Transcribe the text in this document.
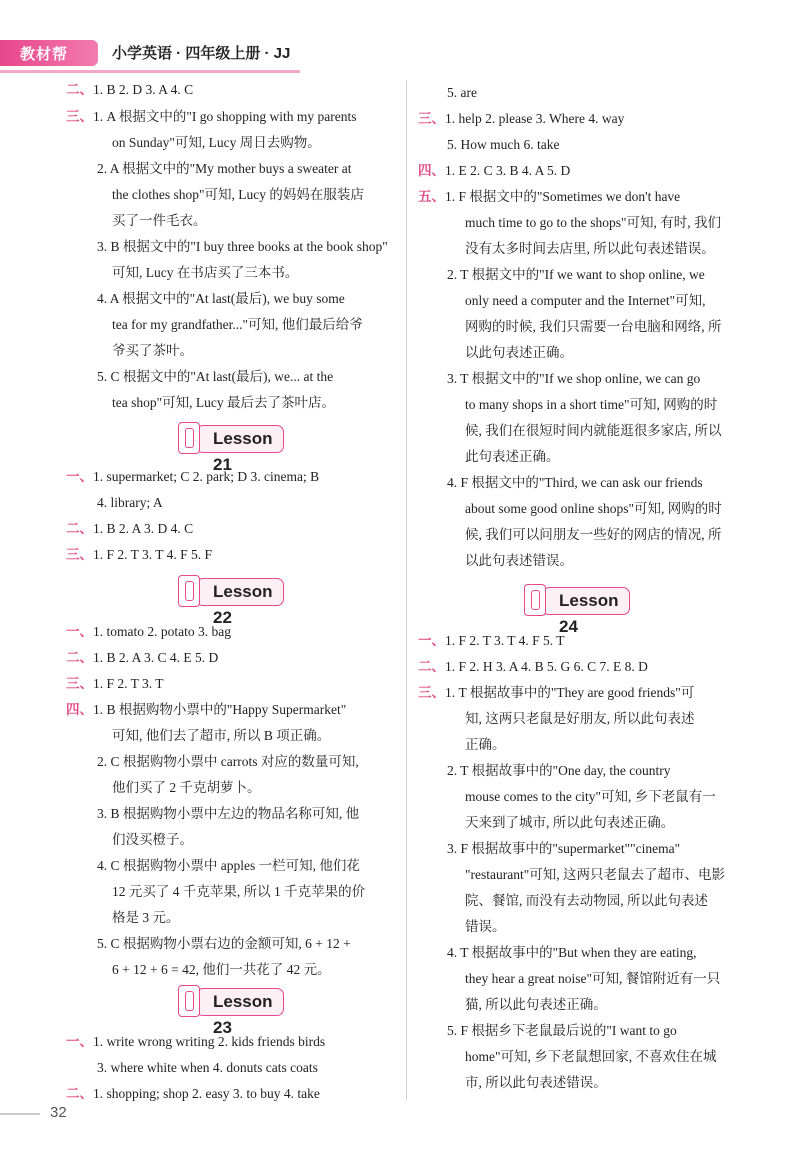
教材帮	小学英语 · 四年级上册 · JJ
二、1. B 2. D 3. A 4. C
三、1. A 根据文中的"I go shopping with my parents
on Sunday"可知, Lucy 周日去购物。
2. A 根据文中的"My mother buys a sweater at
the clothes shop"可知, Lucy 的妈妈在服装店
买了一件毛衣。
3. B 根据文中的"I buy three books at the book shop"
可知, Lucy 在书店买了三本书。
4. A 根据文中的"At last(最后), we buy some
tea for my grandfather..."可知, 他们最后给爷
爷买了茶叶。
5. C 根据文中的"At last(最后), we... at the
tea shop"可知, Lucy 最后去了茶叶店。
Lesson 21
一、1. supermarket; C 2. park; D 3. cinema; B
4. library; A
二、1. B 2. A 3. D 4. C
三、1. F 2. T 3. T 4. F 5. F
Lesson 22
一、1. tomato 2. potato 3. bag
二、1. B 2. A 3. C 4. E 5. D
三、1. F 2. T 3. T
四、1. B 根据购物小票中的"Happy Supermarket"
可知, 他们去了超市, 所以 B 项正确。
2. C 根据购物小票中 carrots 对应的数量可知,
他们买了 2 千克胡萝卜。
3. B 根据购物小票中左边的物品名称可知, 他
们没买橙子。
4. C 根据购物小票中 apples 一栏可知, 他们花
12 元买了 4 千克苹果, 所以 1 千克苹果的价
格是 3 元。
5. C 根据购物小票右边的金额可知, 6 + 12 +
6 + 12 + 6 = 42, 他们一共花了 42 元。
Lesson 23
一、1. write wrong writing 2. kids friends birds
3. where white when 4. donuts cats coats
二、1. shopping; shop 2. easy 3. to buy 4. take
5. are
三、1. help 2. please 3. Where 4. way
5. How much 6. take
四、1. E 2. C 3. B 4. A 5. D
五、1. F 根据文中的"Sometimes we don't have
much time to go to the shops"可知, 有时, 我们
没有太多时间去店里, 所以此句表述错误。
2. T 根据文中的"If we want to shop online, we
only need a computer and the Internet"可知,
网购的时候, 我们只需要一台电脑和网络, 所
以此句表述正确。
3. T 根据文中的"If we shop online, we can go
to many shops in a short time"可知, 网购的时
候, 我们在很短时间内就能逛很多家店, 所以
此句表述正确。
4. F 根据文中的"Third, we can ask our friends
about some good online shops"可知, 网购的时
候, 我们可以问朋友一些好的网店的情况, 所
以此句表述错误。
Lesson 24
一、1. F 2. T 3. T 4. F 5. T
二、1. F 2. H 3. A 4. B 5. G 6. C 7. E 8. D
三、1. T 根据故事中的"They are good friends"可
知, 这两只老鼠是好朋友, 所以此句表述
正确。
2. T 根据故事中的"One day, the country
mouse comes to the city"可知, 乡下老鼠有一
天来到了城市, 所以此句表述正确。
3. F 根据故事中的"supermarket""cinema"
"restaurant"可知, 这两只老鼠去了超市、电影
院、餐馆, 而没有去动物园, 所以此句表述
错误。
4. T 根据故事中的"But when they are eating,
they hear a great noise"可知, 餐馆附近有一只
猫, 所以此句表述正确。
5. F 根据乡下老鼠最后说的"I want to go
home"可知, 乡下老鼠想回家, 不喜欢住在城
市, 所以此句表述错误。
32
